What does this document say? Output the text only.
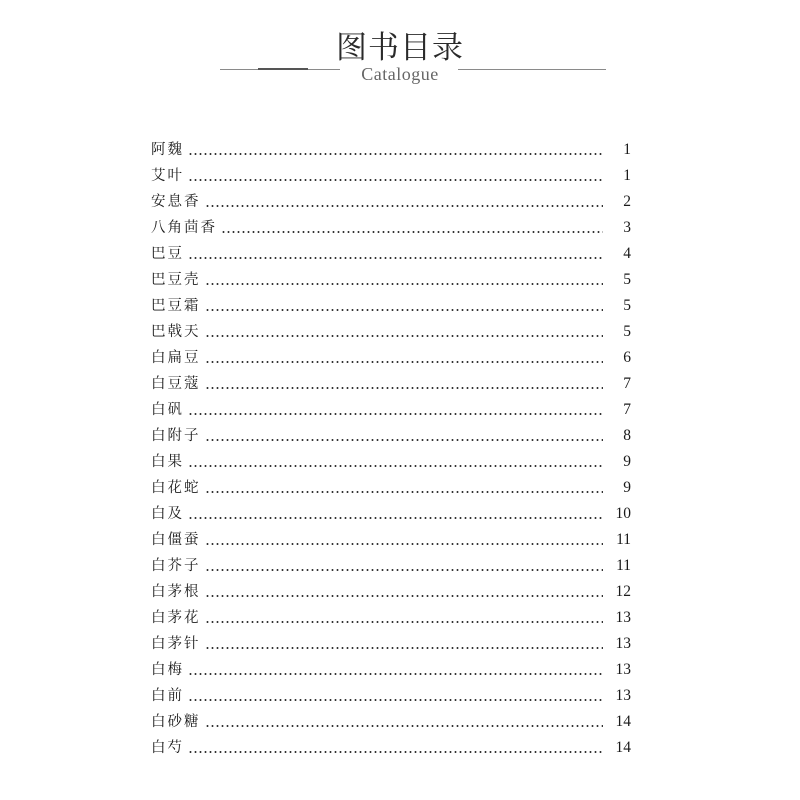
图书目录
Catalogue
阿魏	1
艾叶	1
安息香	2
八角茴香	3
巴豆	4
巴豆壳	5
巴豆霜	5
巴戟天	5
白扁豆	6
白豆蔻	7
白矾	7
白附子	8
白果	9
白花蛇	9
白及	10
白僵蚕	11
白芥子	11
白茅根	12
白茅花	13
白茅针	13
白梅	13
白前	13
白砂糖	14
白芍	14
